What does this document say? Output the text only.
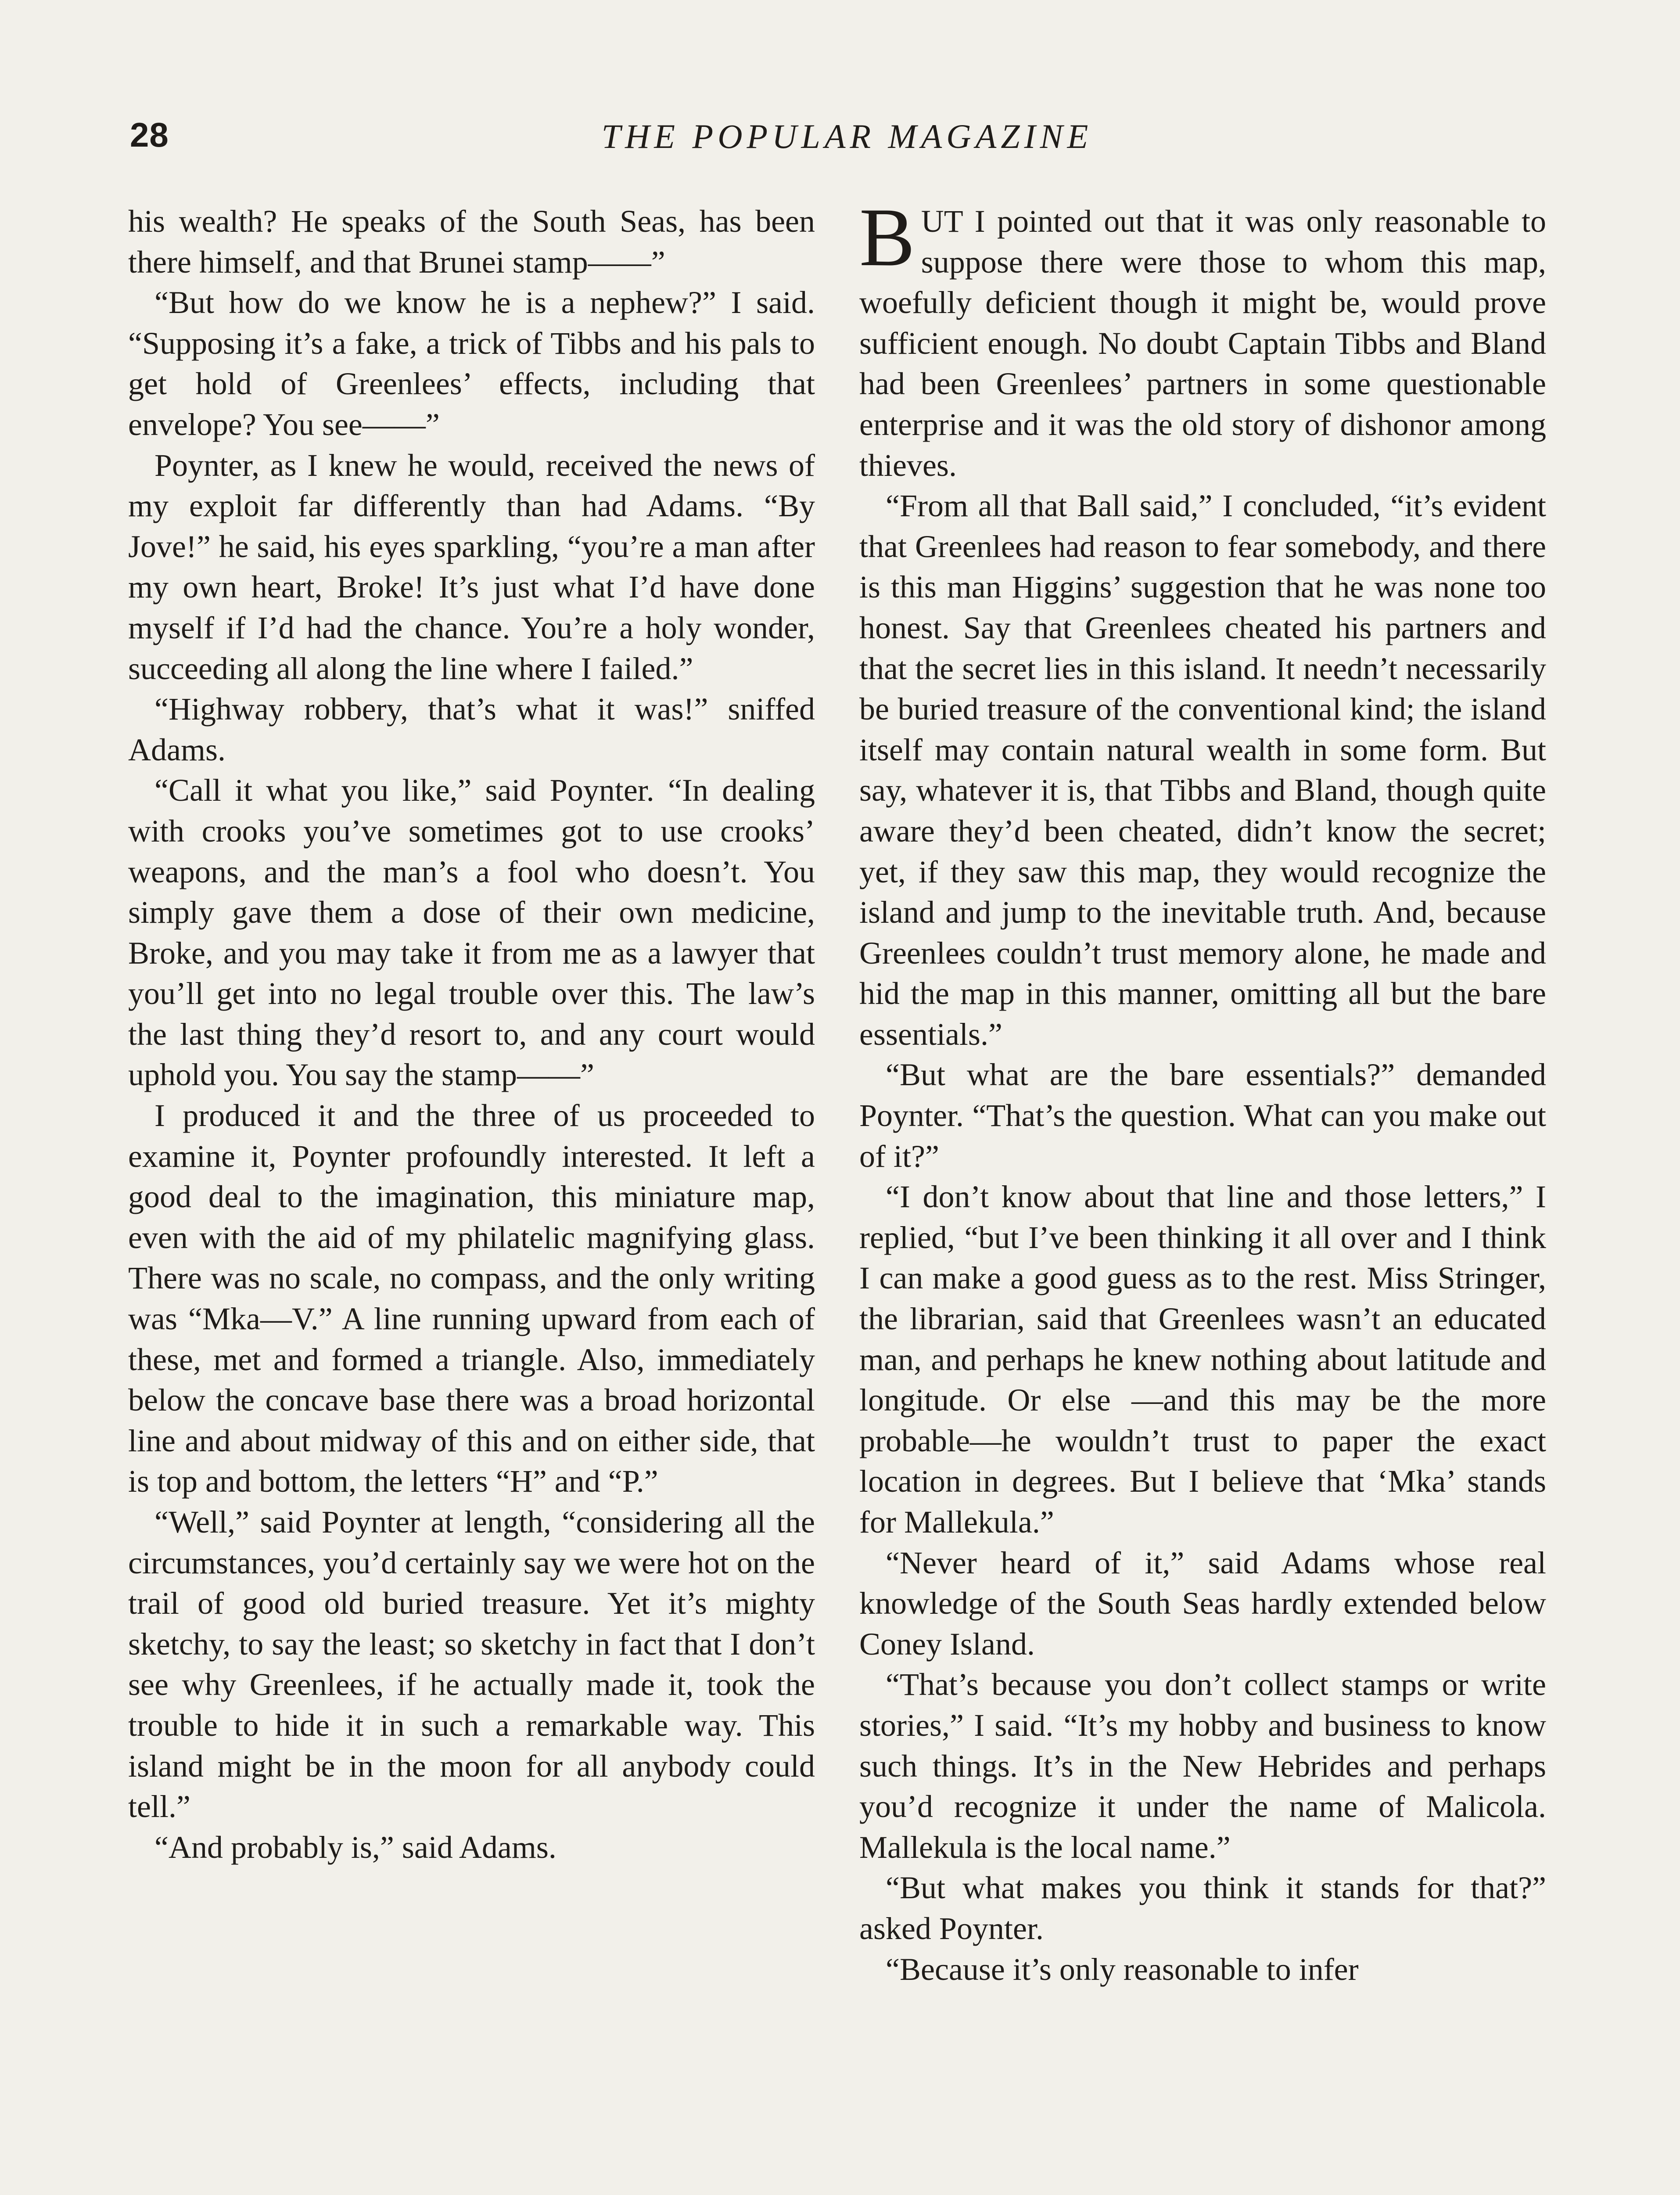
28	THE POPULAR MAGAZINE

his wealth? He speaks of the South Seas, has been there himself, and that Brunei stamp——”

“But how do we know he is a nephew?” I said. “Supposing it’s a fake, a trick of Tibbs and his pals to get hold of Greenlees’ effects, including that envelope? You see——”

Poynter, as I knew he would, received the news of my exploit far differently than had Adams. “By Jove!” he said, his eyes sparkling, “you’re a man after my own heart, Broke! It’s just what I’d have done myself if I’d had the chance. You’re a holy wonder, succeeding all along the line where I failed.”

“Highway robbery, that’s what it was!” sniffed Adams.

“Call it what you like,” said Poynter. “In dealing with crooks you’ve sometimes got to use crooks’ weapons, and the man’s a fool who doesn’t. You simply gave them a dose of their own medicine, Broke, and you may take it from me as a lawyer that you’ll get into no legal trouble over this. The law’s the last thing they’d resort to, and any court would uphold you. You say the stamp——”

I produced it and the three of us proceeded to examine it, Poynter profoundly interested. It left a good deal to the imagination, this miniature map, even with the aid of my philatelic magnifying glass. There was no scale, no compass, and the only writing was “Mka—V.” A line running upward from each of these, met and formed a triangle. Also, immediately below the concave base there was a broad horizontal line and about midway of this and on either side, that is top and bottom, the letters “H” and “P.”

“Well,” said Poynter at length, “considering all the circumstances, you’d certainly say we were hot on the trail of good old buried treasure. Yet it’s mighty sketchy, to say the least; so sketchy in fact that I don’t see why Greenlees, if he actually made it, took the trouble to hide it in such a remarkable way. This island might be in the moon for all anybody could tell.”

“And probably is,” said Adams.

BUT I pointed out that it was only reasonable to suppose there were those to whom this map, woefully deficient though it might be, would prove sufficient enough. No doubt Captain Tibbs and Bland had been Greenlees’ partners in some questionable enterprise and it was the old story of dishonor among thieves.

“From all that Ball said,” I concluded, “it’s evident that Greenlees had reason to fear somebody, and there is this man Higgins’ suggestion that he was none too honest. Say that Greenlees cheated his partners and that the secret lies in this island. It needn’t necessarily be buried treasure of the conventional kind; the island itself may contain natural wealth in some form. But say, whatever it is, that Tibbs and Bland, though quite aware they’d been cheated, didn’t know the secret; yet, if they saw this map, they would recognize the island and jump to the inevitable truth. And, because Greenlees couldn’t trust memory alone, he made and hid the map in this manner, omitting all but the bare essentials.”

“But what are the bare essentials?” demanded Poynter. “That’s the question. What can you make out of it?”

“I don’t know about that line and those letters,” I replied, “but I’ve been thinking it all over and I think I can make a good guess as to the rest. Miss Stringer, the librarian, said that Greenlees wasn’t an educated man, and perhaps he knew nothing about latitude and longitude. Or else —and this may be the more probable—he wouldn’t trust to paper the exact location in degrees. But I believe that ‘Mka’ stands for Mallekula.”

“Never heard of it,” said Adams whose real knowledge of the South Seas hardly extended below Coney Island.

“That’s because you don’t collect stamps or write stories,” I said. “It’s my hobby and business to know such things. It’s in the New Hebrides and perhaps you’d recognize it under the name of Malicola. Mallekula is the local name.”

“But what makes you think it stands for that?” asked Poynter.

“Because it’s only reasonable to infer
